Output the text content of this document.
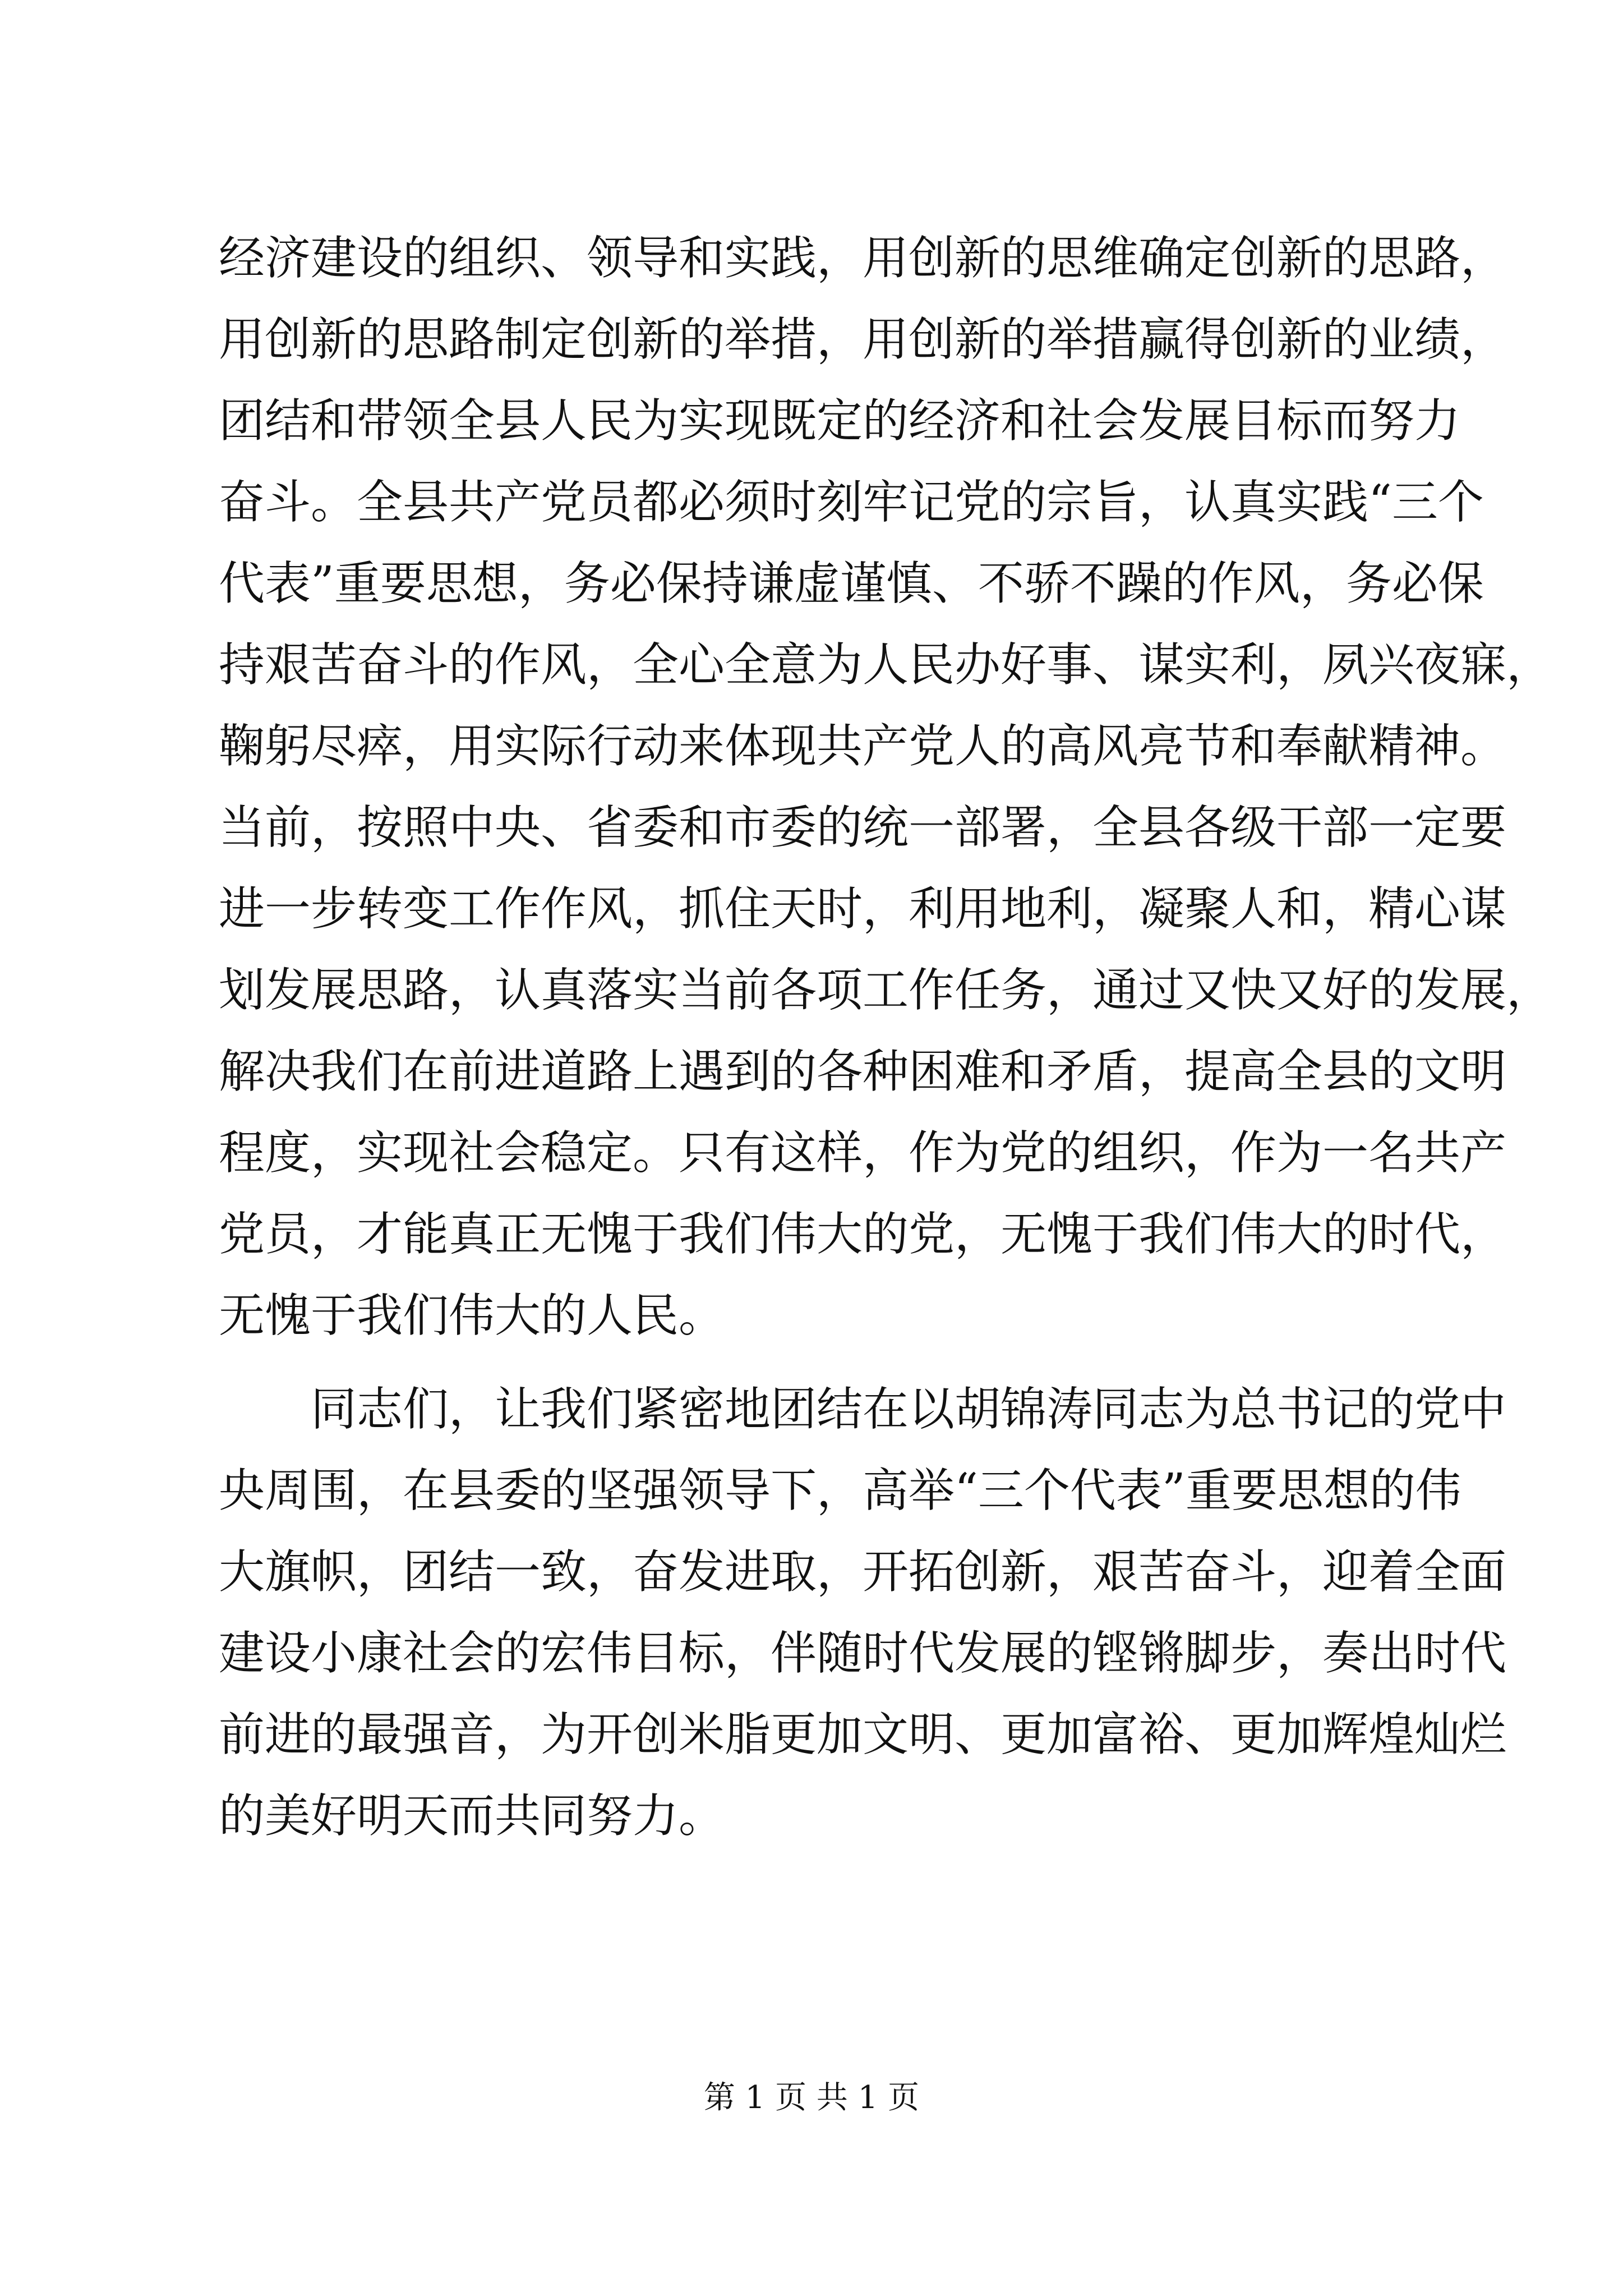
经济建设的组织、领导和实践，用创新的思维确定创新的思路，
用创新的思路制定创新的举措，用创新的举措赢得创新的业绩，
团结和带领全县人民为实现既定的经济和社会发展目标而努力
奋斗。全县共产党员都必须时刻牢记党的宗旨，认真实践“三个
代表”重要思想，务必保持谦虚谨慎、不骄不躁的作风，务必保
持艰苦奋斗的作风，全心全意为人民办好事、谋实利，夙兴夜寐，
鞠躬尽瘁，用实际行动来体现共产党人的高风亮节和奉献精神。
当前，按照中央、省委和市委的统一部署，全县各级干部一定要
进一步转变工作作风，抓住天时，利用地利，凝聚人和，精心谋
划发展思路，认真落实当前各项工作任务，通过又快又好的发展，
解决我们在前进道路上遇到的各种困难和矛盾，提高全县的文明
程度，实现社会稳定。只有这样，作为党的组织，作为一名共产
党员，才能真正无愧于我们伟大的党，无愧于我们伟大的时代，
无愧于我们伟大的人民。
同志们，让我们紧密地团结在以胡锦涛同志为总书记的党中
央周围，在县委的坚强领导下，高举“三个代表”重要思想的伟
大旗帜，团结一致，奋发进取，开拓创新，艰苦奋斗，迎着全面
建设小康社会的宏伟目标，伴随时代发展的铿锵脚步，奏出时代
前进的最强音，为开创米脂更加文明、更加富裕、更加辉煌灿烂
的美好明天而共同努力。
第 1 页 共 1 页
